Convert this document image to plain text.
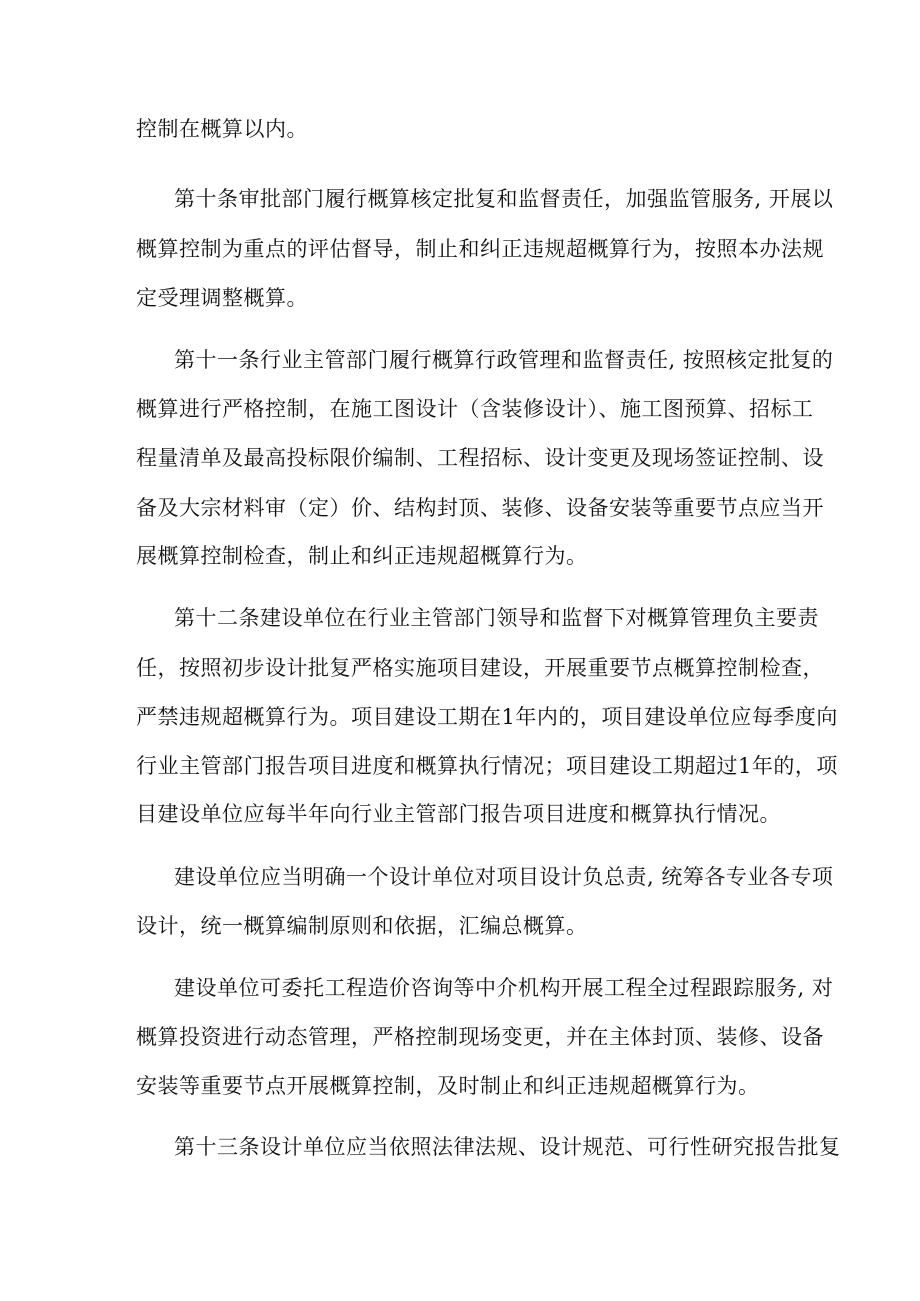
控制在概算以内。
第十条审批部门履行概算核定批复和监督责任，加强监管服务, 开展以
概算控制为重点的评估督导，制止和纠正违规超概算行为，按照本办法规
定受理调整概算。
第十一条行业主管部门履行概算行政管理和监督责任, 按照核定批复的
概算进行严格控制，在施工图设计（含装修设计）、施工图预算、招标工
程量清单及最高投标限价编制、工程招标、设计变更及现场签证控制、设
备及大宗材料审（定）价、结构封顶、装修、设备安装等重要节点应当开
展概算控制检查，制止和纠正违规超概算行为。
第十二条建设单位在行业主管部门领导和监督下对概算管理负主要责
任，按照初步设计批复严格实施项目建设，开展重要节点概算控制检查，
严禁违规超概算行为。项目建设工期在1年内的，项目建设单位应每季度向
行业主管部门报告项目进度和概算执行情况；项目建设工期超过1年的，项
目建设单位应每半年向行业主管部门报告项目进度和概算执行情况。
建设单位应当明确一个设计单位对项目设计负总责, 统筹各专业各专项
设计，统一概算编制原则和依据，汇编总概算。
建设单位可委托工程造价咨询等中介机构开展工程全过程跟踪服务, 对
概算投资进行动态管理，严格控制现场变更，并在主体封顶、装修、设备
安装等重要节点开展概算控制，及时制止和纠正违规超概算行为。
第十三条设计单位应当依照法律法规、设计规范、可行性研究报告批复
